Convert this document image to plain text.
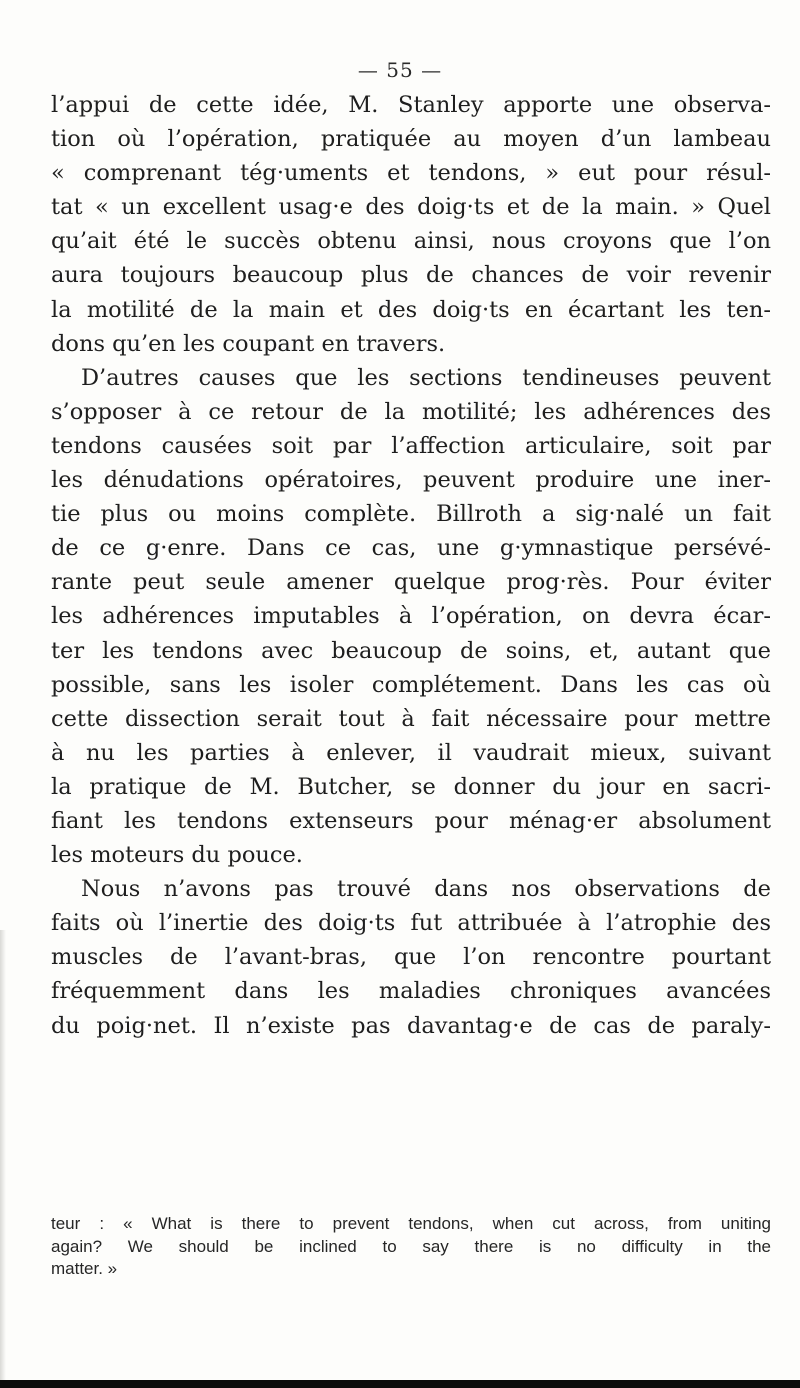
— 55 —
l’appui de cette idée, M. Stanley apporte une observa-
tion où l’opération, pratiquée au moyen d’un lambeau
« comprenant tég·uments et tendons, » eut pour résul-
tat « un excellent usag·e des doig·ts et de la main. » Quel
qu’ait été le succès obtenu ainsi, nous croyons que l’on
aura toujours beaucoup plus de chances de voir revenir
la motilité de la main et des doig·ts en écartant les ten-
dons qu’en les coupant en travers.
D’autres causes que les sections tendineuses peuvent
s’opposer à ce retour de la motilité; les adhérences des
tendons causées soit par l’affection articulaire, soit par
les dénudations opératoires, peuvent produire une iner-
tie plus ou moins complète. Billroth a sig·nalé un fait
de ce g·enre. Dans ce cas, une g·ymnastique persévé-
rante peut seule amener quelque prog·rès. Pour éviter
les adhérences imputables à l’opération, on devra écar-
ter les tendons avec beaucoup de soins, et, autant que
possible, sans les isoler complétement. Dans les cas où
cette dissection serait tout à fait nécessaire pour mettre
à nu les parties à enlever, il vaudrait mieux, suivant
la pratique de M. Butcher, se donner du jour en sacri-
fiant les tendons extenseurs pour ménag·er absolument
les moteurs du pouce.
Nous n’avons pas trouvé dans nos observations de
faits où l’inertie des doig·ts fut attribuée à l’atrophie des
muscles de l’avant-bras, que l’on rencontre pourtant
fréquemment dans les maladies chroniques avancées
du poig·net. Il n’existe pas davantag·e de cas de paraly-
teur : « What is there to prevent tendons, when cut across, from uniting
again? We should be inclined to say there is no difficulty in the
matter. »
